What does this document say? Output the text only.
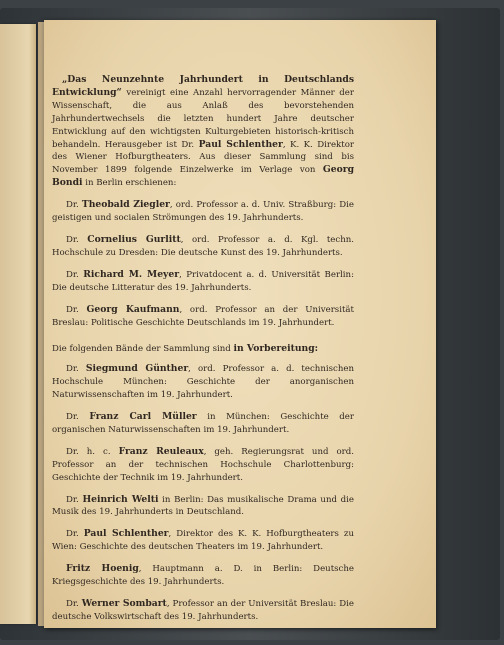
„Das Neunzehnte Jahrhundert in Deutschlands Entwicklung“ vereinigt eine Anzahl hervorragender Männer der Wissenschaft, die aus Anlaß des bevorstehenden Jahrhundertwechsels die letzten hundert Jahre deutscher Entwicklung auf den wichtigsten Kulturgebieten historisch-kritisch behandeln. Herausgeber ist Dr. Paul Schlenther, K. K. Direktor des Wiener Hofburgtheaters. Aus dieser Sammlung sind bis November 1899 folgende Einzelwerke im Verlage von Georg Bondi in Berlin erschienen:

Dr. Theobald Ziegler, ord. Professor a. d. Univ. Straßburg: Die geistigen und socialen Strömungen des 19. Jahrhunderts.

Dr. Cornelius Gurlitt, ord. Professor a. d. Kgl. techn. Hochschule zu Dresden: Die deutsche Kunst des 19. Jahrhunderts.

Dr. Richard M. Meyer, Privatdocent a. d. Universität Berlin: Die deutsche Litteratur des 19. Jahrhunderts.

Dr. Georg Kaufmann, ord. Professor an der Universität Breslau: Politische Geschichte Deutschlands im 19. Jahrhundert.

Die folgenden Bände der Sammlung sind in Vorbereitung:

Dr. Siegmund Günther, ord. Professor a. d. technischen Hochschule München: Geschichte der anorganischen Naturwissenschaften im 19. Jahrhundert.

Dr. Franz Carl Müller in München: Geschichte der organischen Naturwissenschaften im 19. Jahrhundert.

Dr. h. c. Franz Reuleaux, geh. Regierungsrat und ord. Professor an der technischen Hochschule Charlottenburg: Geschichte der Technik im 19. Jahrhundert.

Dr. Heinrich Welti in Berlin: Das musikalische Drama und die Musik des 19. Jahrhunderts in Deutschland.

Dr. Paul Schlenther, Direktor des K. K. Hofburgtheaters zu Wien: Geschichte des deutschen Theaters im 19. Jahrhundert.

Fritz Hoenig, Hauptmann a. D. in Berlin: Deutsche Kriegsgeschichte des 19. Jahrhunderts.

Dr. Werner Sombart, Professor an der Universität Breslau: Die deutsche Volkswirtschaft des 19. Jahrhunderts.
